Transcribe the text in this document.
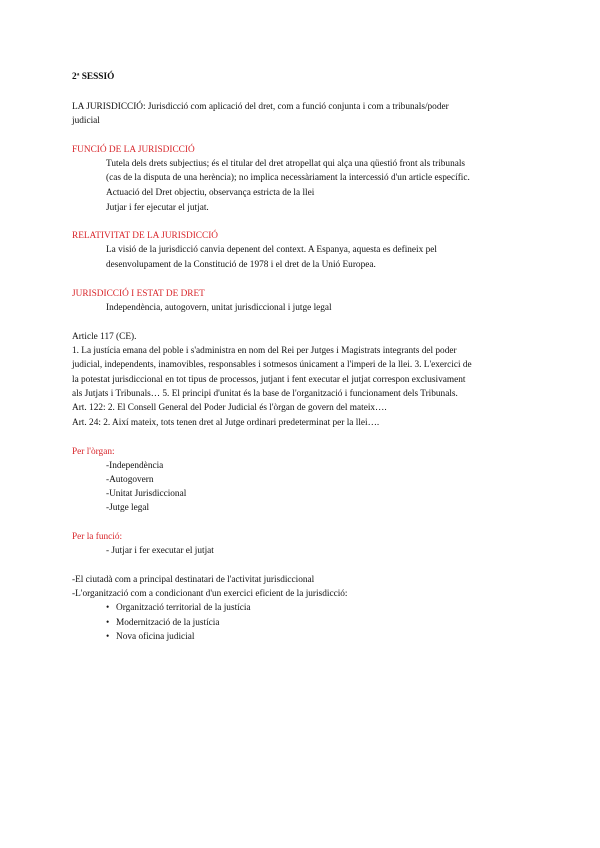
2ª SESSIÓ
LA JURISDICCIÓ: Jurisdicció com aplicació del dret, com a funció conjunta i com a tribunals/poder
judicial
FUNCIÓ DE LA JURISDICCIÓ
Tutela dels drets subjectius; és el titular del dret atropellat qui alça una qüestió front als tribunals
(cas de la disputa de una herència); no implica necessàriament la intercessió d'un article específic.
Actuació del Dret objectiu, observança estricta de la llei
Jutjar i fer ejecutar el jutjat.
RELATIVITAT DE LA JURISDICCIÓ
La visió de la jurisdicció canvia depenent del context. A Espanya, aquesta es defineix pel
desenvolupament de la Constitució de 1978 i el dret de la Unió Europea.
JURISDICCIÓ I ESTAT DE DRET
Independència, autogovern, unitat jurisdiccional i jutge legal
Article 117 (CE).
1. La justícia emana del poble i s'administra en nom del Rei per Jutges i Magistrats integrants del poder
judicial, independents, inamovibles, responsables i sotmesos únicament a l'imperi de la llei. 3. L'exercici de
la potestat jurisdiccional en tot tipus de processos, jutjant i fent executar el jutjat correspon exclusivament
als Jutjats i Tribunals… 5. El principi d'unitat és la base de l'organització i funcionament dels Tribunals.
Art. 122: 2. El Consell General del Poder Judicial és l'òrgan de govern del mateix….
Art. 24: 2. Així mateix, tots tenen dret al Jutge ordinari predeterminat per la llei….
Per l'òrgan:
-Independència
-Autogovern
-Unitat Jurisdiccional
-Jutge legal
Per la funció:
- Jutjar i fer executar el jutjat
-El ciutadà com a principal destinatari de l'activitat jurisdiccional
-L'organització com a condicionant d'un exercici eficient de la jurisdicció:
• Organització territorial de la justícia
• Modernització de la justícia
• Nova oficina judicial
